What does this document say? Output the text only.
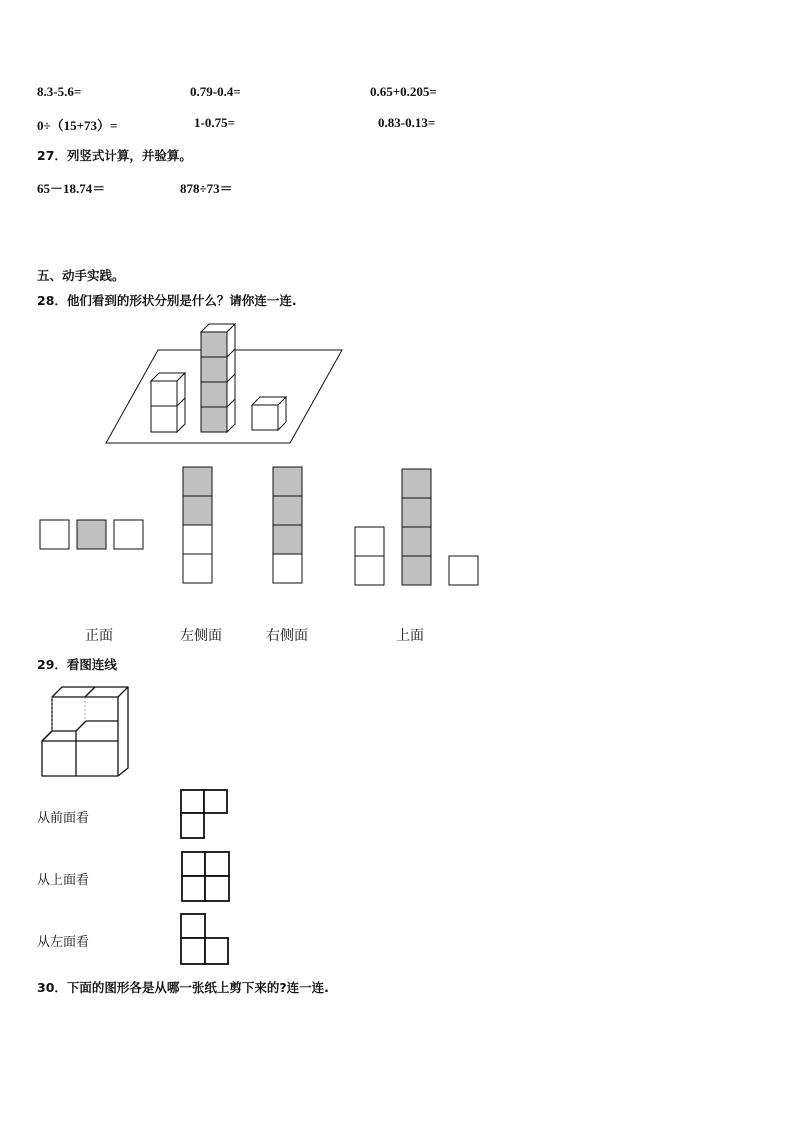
8.3-5.6=	0.79-0.4=	0.65+0.205=
0÷（15+73）=	1-0.75=	0.83-0.13=
27．列竖式计算，并验算。
65－18.74＝	878÷73＝
五、动手实践。
28．他们看到的形状分别是什么？请你连一连.
正面	左侧面	右侧面	上面
29．看图连线
从前面看
从上面看
从左面看
30．下面的图形各是从哪一张纸上剪下来的?连一连.
